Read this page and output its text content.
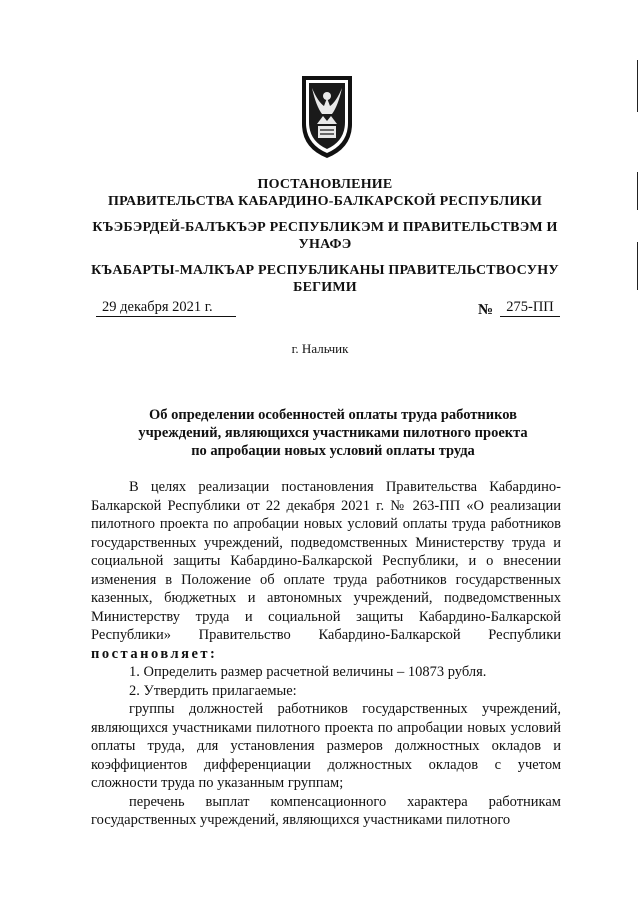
ПОСТАНОВЛЕНИЕ
ПРАВИТЕЛЬСТВА КАБАРДИНО-БАЛКАРСКОЙ РЕСПУБЛИКИ
КЪЭБЭРДЕЙ-БАЛЪКЪЭР РЕСПУБЛИКЭМ И ПРАВИТЕЛЬСТВЭМ И
УНАФЭ
КЪАБАРТЫ-МАЛКЪАР РЕСПУБЛИКАНЫ ПРАВИТЕЛЬСТВОСУНУ
БЕГИМИ
29 декабря 2021 г.	№ 275-ПП
г. Нальчик
Об определении особенностей оплаты труда работников
учреждений, являющихся участниками пилотного проекта
по апробации новых условий оплаты труда

В целях реализации постановления Правительства Кабардино-Балкарской Республики от 22 декабря 2021 г. № 263-ПП «О реализации пилотного проекта по апробации новых условий оплаты труда работников государственных учреждений, подведомственных Министерству труда и социальной защиты Кабардино-Балкарской Республики, и о внесении изменения в Положение об оплате труда работников государственных казенных, бюджетных и автономных учреждений, подведомственных Министерству труда и социальной защиты Кабардино-Балкарской Республики» Правительство Кабардино-Балкарской Республики постановляет:

1. Определить размер расчетной величины – 10873 рубля.

2. Утвердить прилагаемые:

группы должностей работников государственных учреждений, являющихся участниками пилотного проекта по апробации новых условий оплаты труда, для установления размеров должностных окладов и коэффициентов дифференциации должностных окладов с учетом сложности труда по указанным группам;

перечень выплат компенсационного характера работникам государственных учреждений, являющихся участниками пилотного
